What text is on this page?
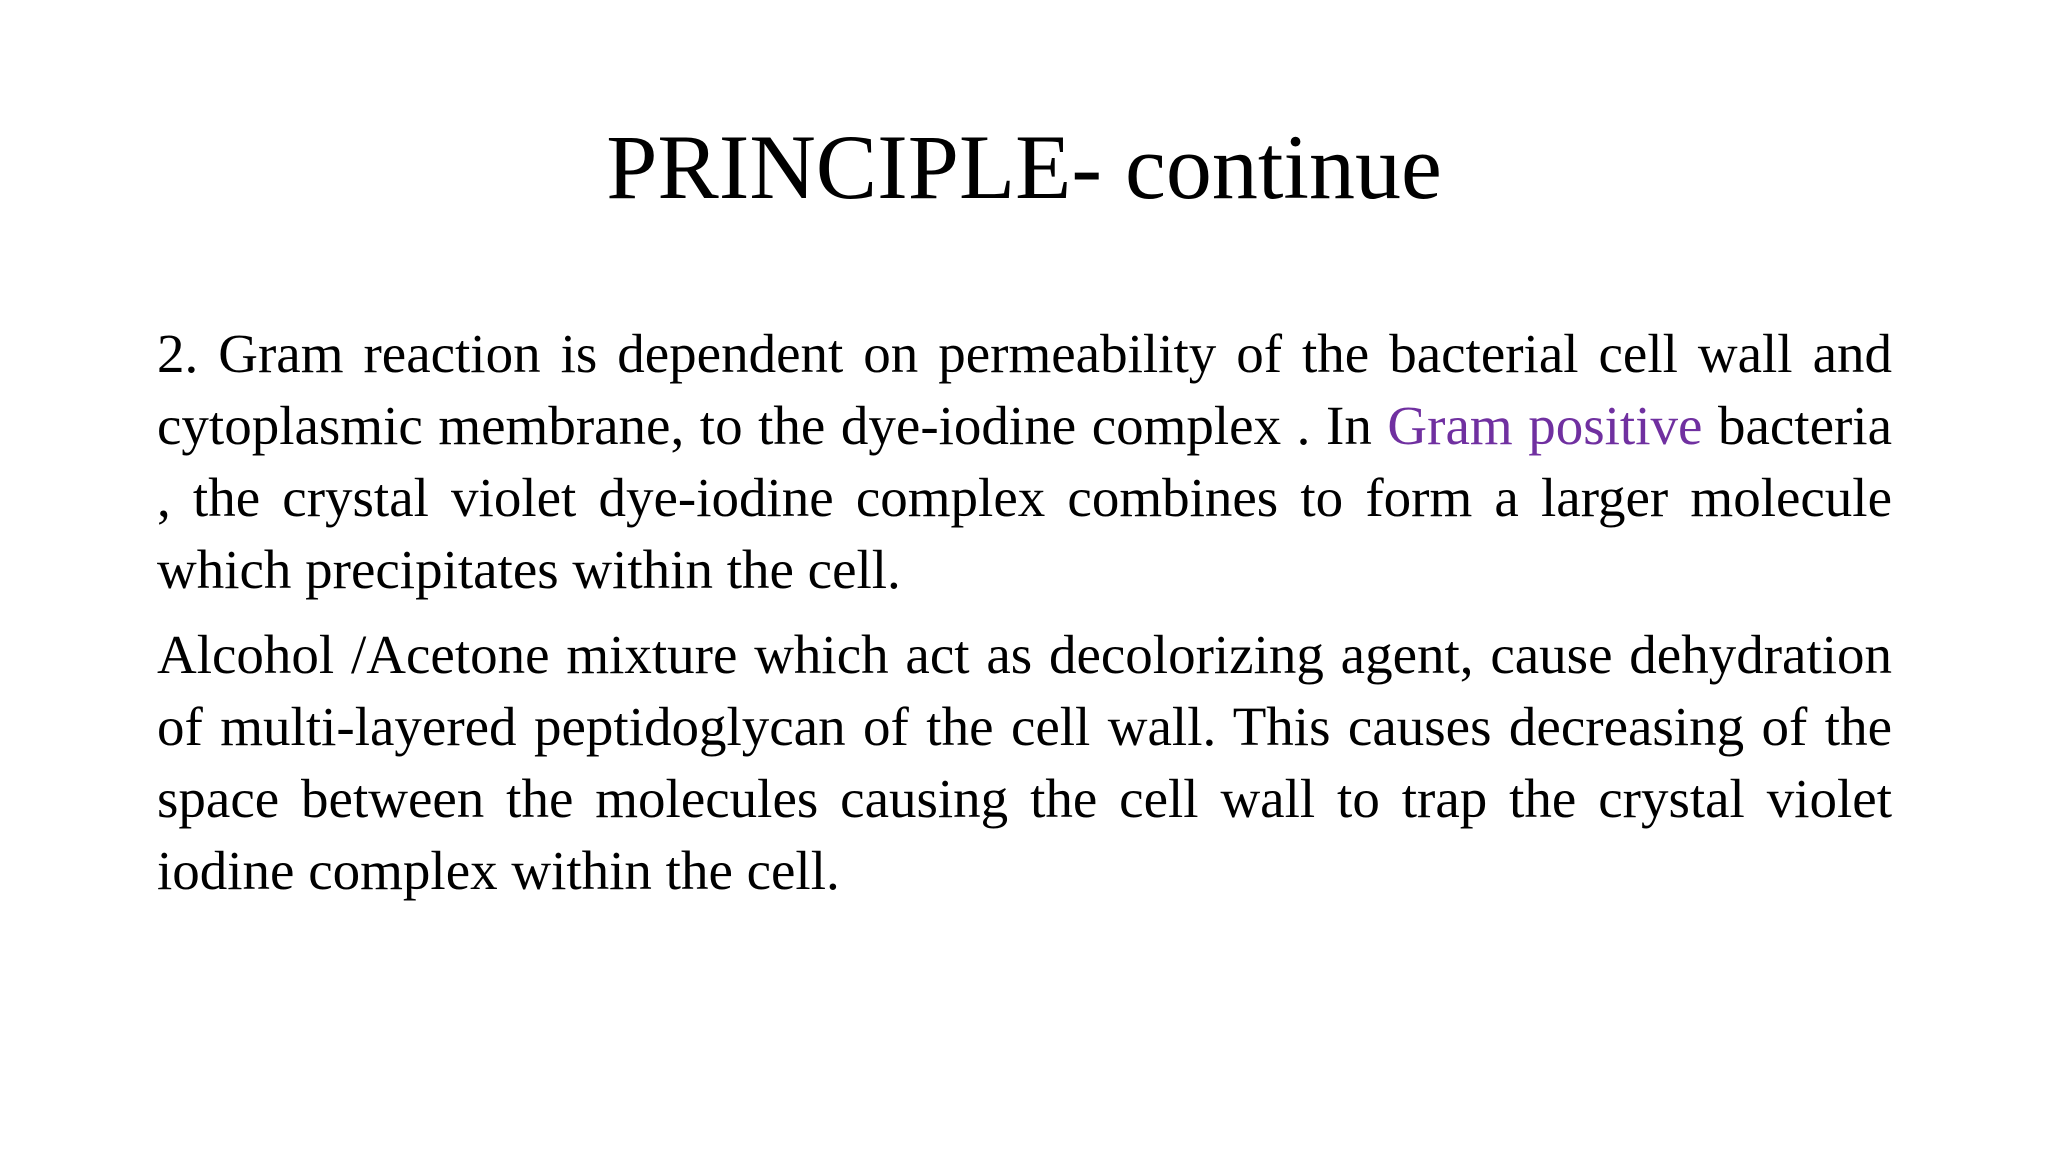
PRINCIPLE- continue

2. Gram reaction is dependent on permeability of the bacterial cell wall and cytoplasmic membrane, to the dye-iodine complex . In Gram positive bacteria , the crystal violet dye-iodine complex combines to form a larger molecule which precipitates within the cell.

Alcohol /Acetone mixture which act as decolorizing agent, cause dehydration of multi-layered peptidoglycan of the cell wall. This causes decreasing of the space between the molecules causing the cell wall to trap the crystal violet iodine complex within the cell.
